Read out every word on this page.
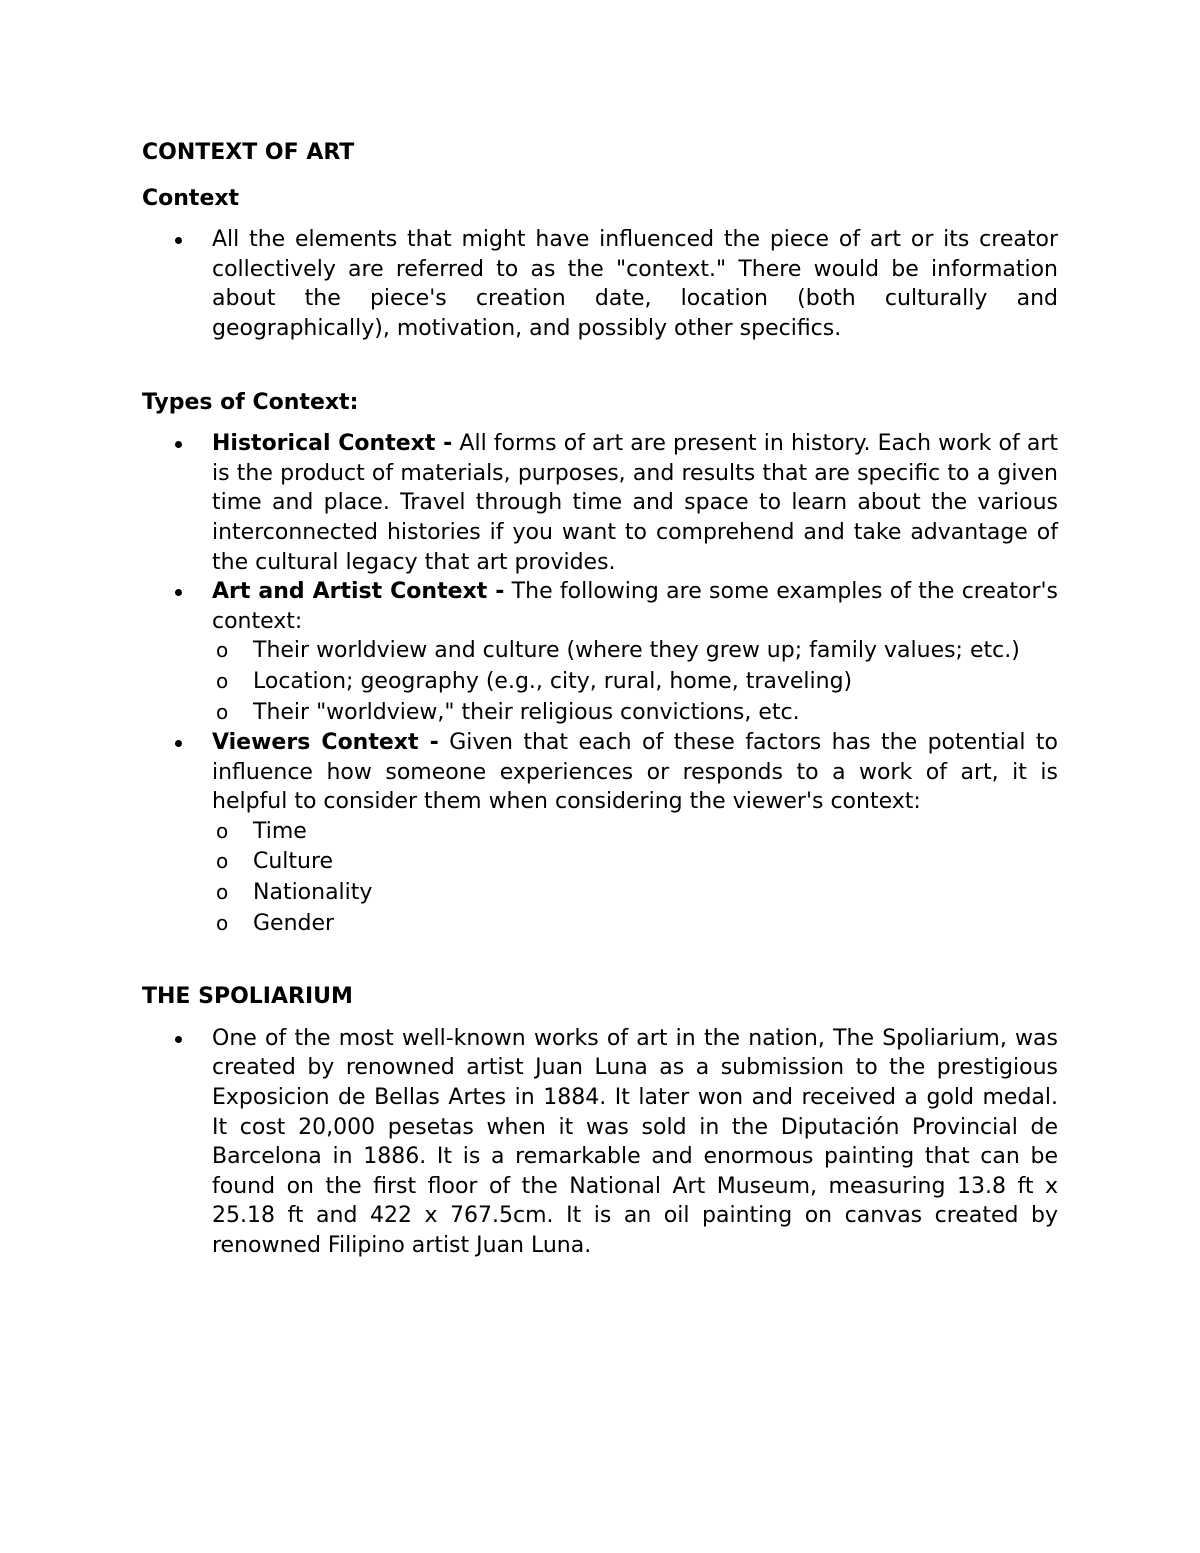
CONTEXT OF ART

Context

All the elements that might have influenced the piece of art or its creator collectively are referred to as the "context." There would be information about the piece's creation date, location (both culturally and geographically), motivation, and possibly other specifics.

Types of Context:

Historical Context - All forms of art are present in history. Each work of art is the product of materials, purposes, and results that are specific to a given time and place. Travel through time and space to learn about the various interconnected histories if you want to comprehend and take advantage of the cultural legacy that art provides.
Art and Artist Context - The following are some examples of the creator's context:
o Their worldview and culture (where they grew up; family values; etc.)
o Location; geography (e.g., city, rural, home, traveling)
o Their "worldview," their religious convictions, etc.
Viewers Context - Given that each of these factors has the potential to influence how someone experiences or responds to a work of art, it is helpful to consider them when considering the viewer's context:
o Time
o Culture
o Nationality
o Gender

THE SPOLIARIUM

One of the most well-known works of art in the nation, The Spoliarium, was created by renowned artist Juan Luna as a submission to the prestigious Exposicion de Bellas Artes in 1884. It later won and received a gold medal. It cost 20,000 pesetas when it was sold in the Diputación Provincial de Barcelona in 1886. It is a remarkable and enormous painting that can be found on the first floor of the National Art Museum, measuring 13.8 ft x 25.18 ft and 422 x 767.5cm. It is an oil painting on canvas created by renowned Filipino artist Juan Luna.
